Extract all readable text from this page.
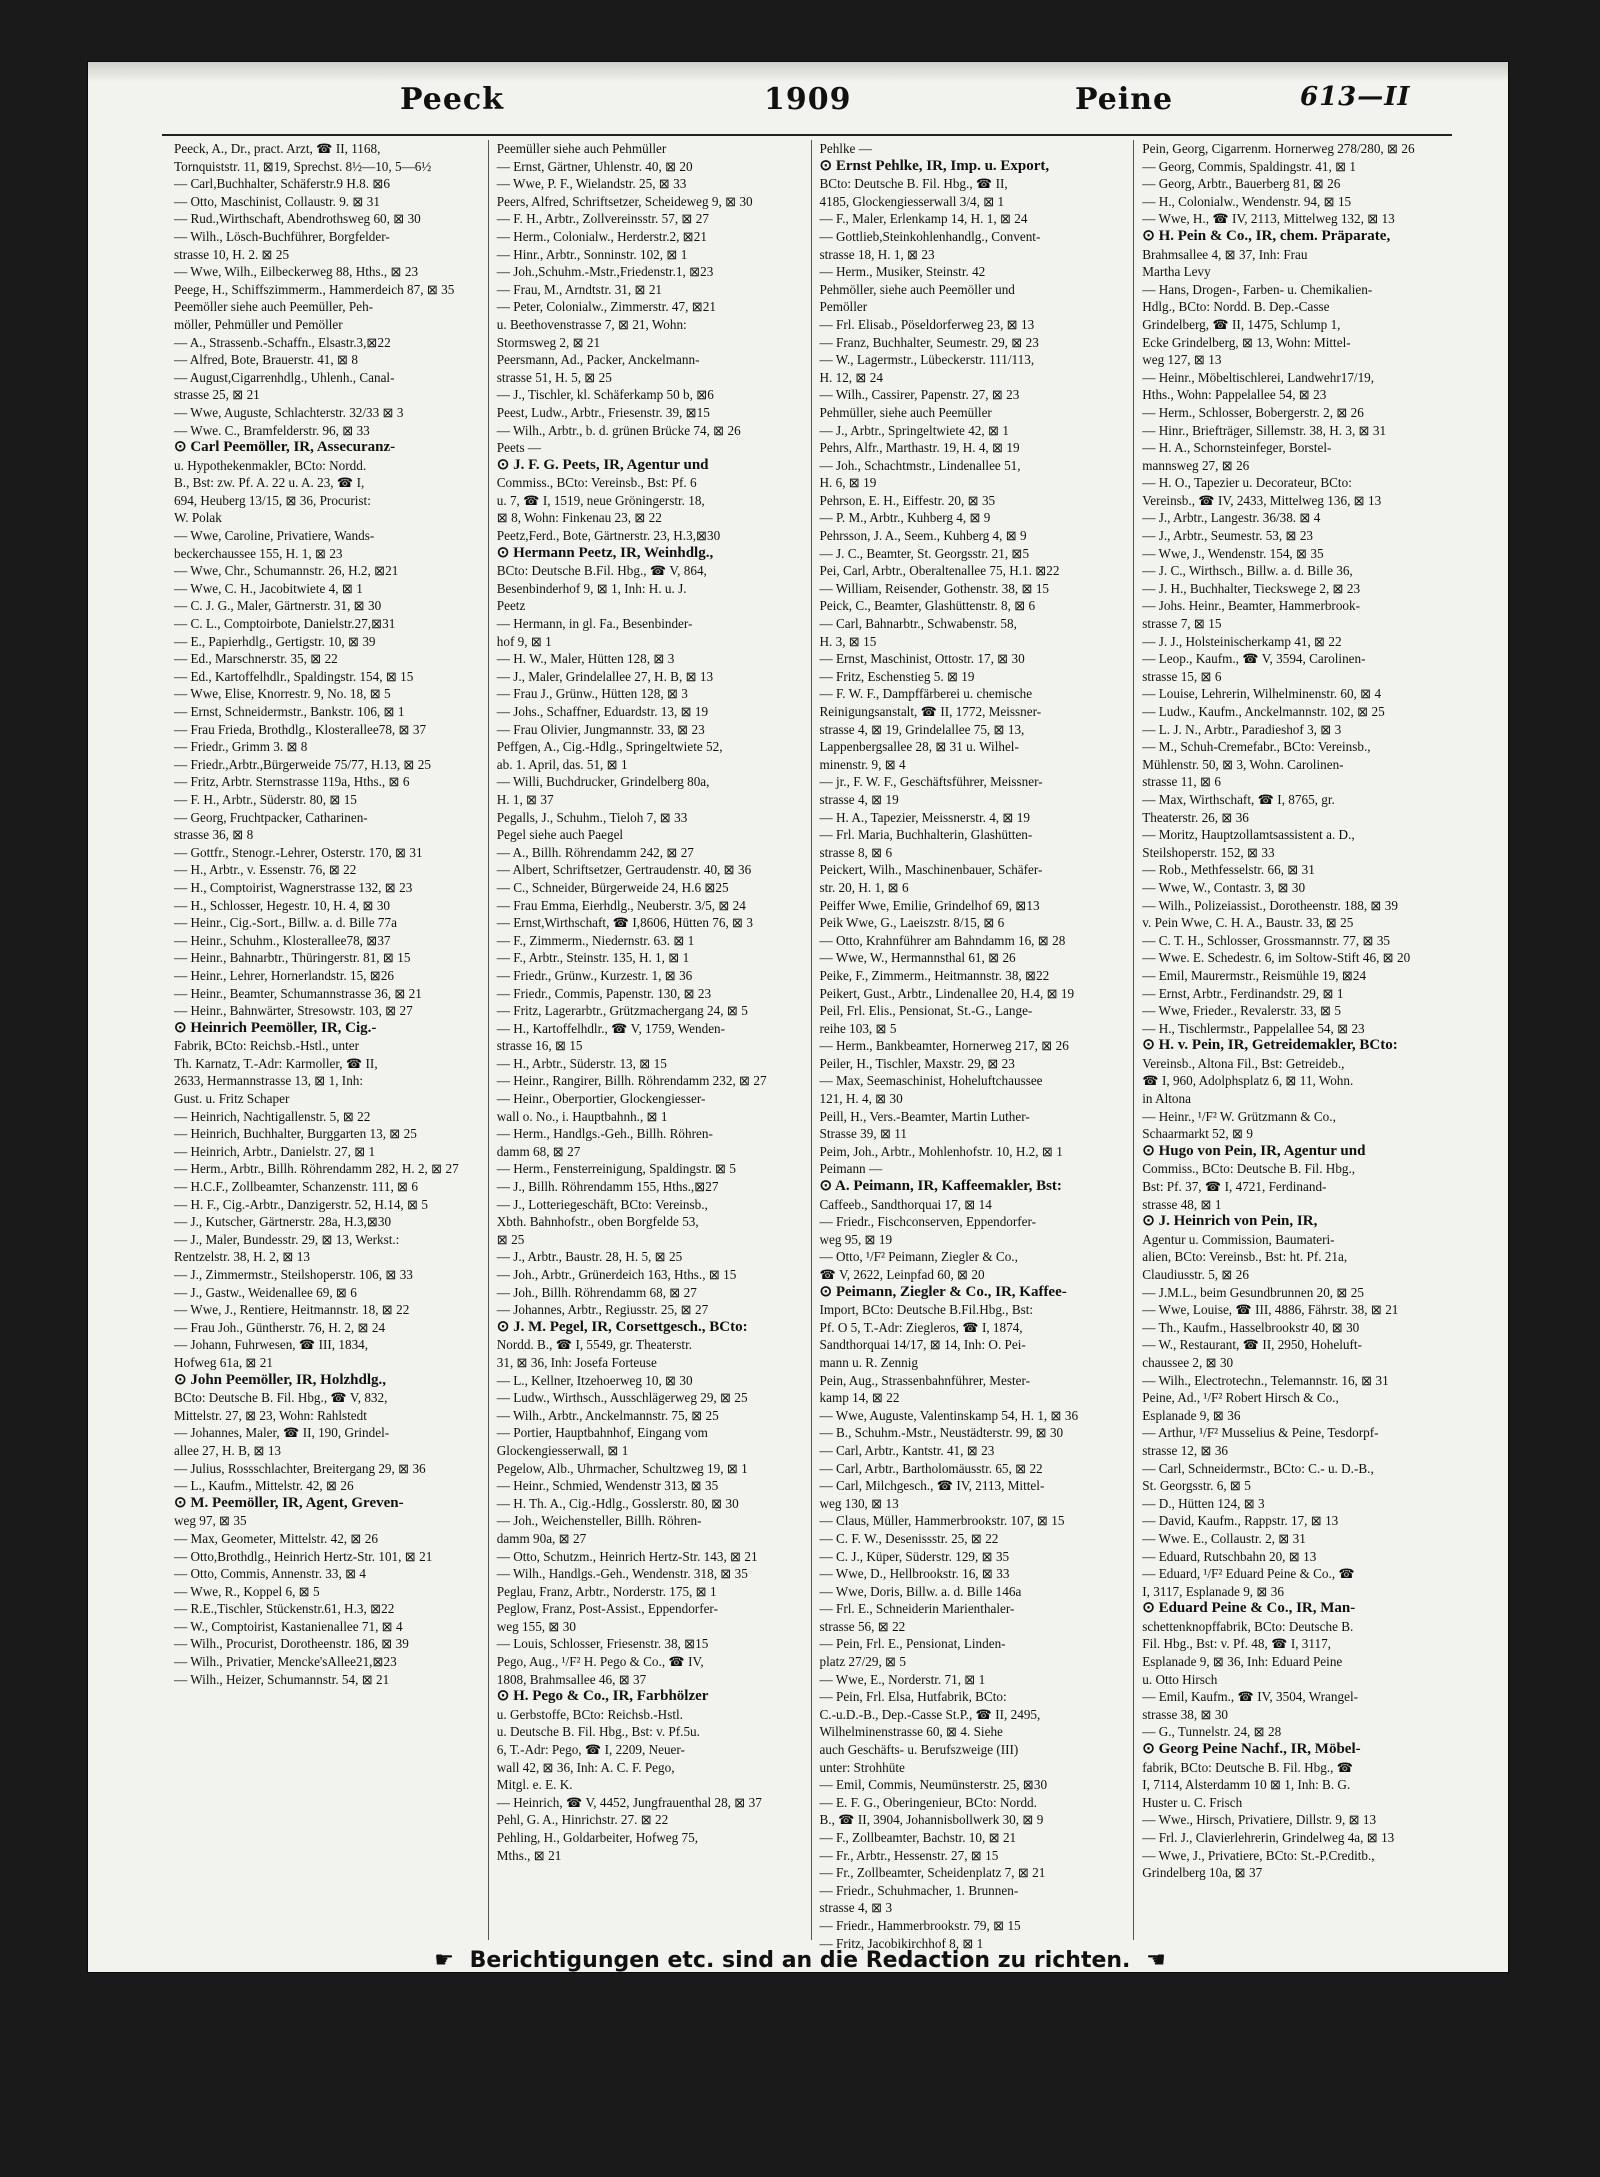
Peeck	1909	Peine	613—II
Peeck, A., Dr., pract. Arzt, ☎ II, 1168,
Tornquiststr. 11, ⊠19, Sprechst. 8½—10, 5—6½
— Carl,Buchhalter, Schäferstr.9 H.8. ⊠6
— Otto, Maschinist, Collaustr. 9. ⊠ 31
— Rud.,Wirthschaft, Abendrothsweg 60, ⊠ 30
— Wilh., Lösch-Buchführer, Borgfelder-
strasse 10, H. 2. ⊠ 25
— Wwe, Wilh., Eilbeckerweg 88, Hths., ⊠ 23
Peege, H., Schiffszimmerm., Hammerdeich 87, ⊠ 35
Peemöller siehe auch Peemüller, Peh-
möller, Pehmüller und Pemöller
— A., Strassenb.-Schaffn., Elsastr.3,⊠22
— Alfred, Bote, Brauerstr. 41, ⊠ 8
— August,Cigarrenhdlg., Uhlenh., Canal-
strasse 25, ⊠ 21
— Wwe, Auguste, Schlachterstr. 32/33 ⊠ 3
— Wwe. C., Bramfelderstr. 96, ⊠ 33
⊙ Carl Peemöller, IR, Assecuranz-
u. Hypothekenmakler, BCto: Nordd.
B., Bst: zw. Pf. A. 22 u. A. 23, ☎ I,
694, Heuberg 13/15, ⊠ 36, Procurist:
W. Polak
— Wwe, Caroline, Privatiere, Wands-
beckerchaussee 155, H. 1, ⊠ 23
— Wwe, Chr., Schumannstr. 26, H.2, ⊠21
— Wwe, C. H., Jacobitwiete 4, ⊠ 1
— C. J. G., Maler, Gärtnerstr. 31, ⊠ 30
— C. L., Comptoirbote, Danielstr.27,⊠31
— E., Papierhdlg., Gertigstr. 10, ⊠ 39
— Ed., Marschnerstr. 35, ⊠ 22
— Ed., Kartoffelhdlr., Spaldingstr. 154, ⊠ 15
— Wwe, Elise, Knorrestr. 9, No. 18, ⊠ 5
— Ernst, Schneidermstr., Bankstr. 106, ⊠ 1
— Frau Frieda, Brothdlg., Klosterallee78, ⊠ 37
— Friedr., Grimm 3. ⊠ 8
— Friedr.,Arbtr.,Bürgerweide 75/77, H.13, ⊠ 25
— Fritz, Arbtr. Sternstrasse 119a, Hths., ⊠ 6
— F. H., Arbtr., Süderstr. 80, ⊠ 15
— Georg, Fruchtpacker, Catharinen-
strasse 36, ⊠ 8
— Gottfr., Stenogr.-Lehrer, Osterstr. 170, ⊠ 31
— H., Arbtr., v. Essenstr. 76, ⊠ 22
— H., Comptoirist, Wagnerstrasse 132, ⊠ 23
— H., Schlosser, Hegestr. 10, H. 4, ⊠ 30
— Heinr., Cig.-Sort., Billw. a. d. Bille 77a
— Heinr., Schuhm., Klosterallee78, ⊠37
— Heinr., Bahnarbtr., Thüringerstr. 81, ⊠ 15
— Heinr., Lehrer, Hornerlandstr. 15, ⊠26
— Heinr., Beamter, Schumannstrasse 36, ⊠ 21
— Heinr., Bahnwärter, Stresowstr. 103, ⊠ 27
⊙ Heinrich Peemöller, IR, Cig.-
Fabrik, BCto: Reichsb.-Hstl., unter
Th. Karnatz, T.-Adr: Karmoller, ☎ II,
2633, Hermannstrasse 13, ⊠ 1, Inh:
Gust. u. Fritz Schaper
— Heinrich, Nachtigallenstr. 5, ⊠ 22
— Heinrich, Buchhalter, Burggarten 13, ⊠ 25
— Heinrich, Arbtr., Danielstr. 27, ⊠ 1
— Herm., Arbtr., Billh. Röhrendamm 282, H. 2, ⊠ 27
— H.C.F., Zollbeamter, Schanzenstr. 111, ⊠ 6
— H. F., Cig.-Arbtr., Danzigerstr. 52, H.14, ⊠ 5
— J., Kutscher, Gärtnerstr. 28a, H.3,⊠30
— J., Maler, Bundesstr. 29, ⊠ 13, Werkst.:
Rentzelstr. 38, H. 2, ⊠ 13
— J., Zimmermstr., Steilshoperstr. 106, ⊠ 33
— J., Gastw., Weidenallee 69, ⊠ 6
— Wwe, J., Rentiere, Heitmannstr. 18, ⊠ 22
— Frau Joh., Güntherstr. 76, H. 2, ⊠ 24
— Johann, Fuhrwesen, ☎ III, 1834,
Hofweg 61a, ⊠ 21
⊙ John Peemöller, IR, Holzhdlg.,
BCto: Deutsche B. Fil. Hbg., ☎ V, 832,
Mittelstr. 27, ⊠ 23, Wohn: Rahlstedt
— Johannes, Maler, ☎ II, 190, Grindel-
allee 27, H. B, ⊠ 13
— Julius, Rossschlachter, Breitergang 29, ⊠ 36
— L., Kaufm., Mittelstr. 42, ⊠ 26
⊙ M. Peemöller, IR, Agent, Greven-
weg 97, ⊠ 35
— Max, Geometer, Mittelstr. 42, ⊠ 26
— Otto,Brothdlg., Heinrich Hertz-Str. 101, ⊠ 21
— Otto, Commis, Annenstr. 33, ⊠ 4
— Wwe, R., Koppel 6, ⊠ 5
— R.E.,Tischler, Stückenstr.61, H.3, ⊠22
— W., Comptoirist, Kastanienallee 71, ⊠ 4
— Wilh., Procurist, Dorotheenstr. 186, ⊠ 39
— Wilh., Privatier, Mencke'sAllee21,⊠23
— Wilh., Heizer, Schumannstr. 54, ⊠ 21
Peemüller siehe auch Pehmüller
— Ernst, Gärtner, Uhlenstr. 40, ⊠ 20
— Wwe, P. F., Wielandstr. 25, ⊠ 33
Peers, Alfred, Schriftsetzer, Scheideweg 9, ⊠ 30
— F. H., Arbtr., Zollvereinsstr. 57, ⊠ 27
— Herm., Colonialw., Herderstr.2, ⊠21
— Hinr., Arbtr., Sonninstr. 102, ⊠ 1
— Joh.,Schuhm.-Mstr.,Friedenstr.1, ⊠23
— Frau, M., Arndtstr. 31, ⊠ 21
— Peter, Colonialw., Zimmerstr. 47, ⊠21
u. Beethovenstrasse 7, ⊠ 21, Wohn:
Stormsweg 2, ⊠ 21
Peersmann, Ad., Packer, Anckelmann-
strasse 51, H. 5, ⊠ 25
— J., Tischler, kl. Schäferkamp 50 b, ⊠6
Peest, Ludw., Arbtr., Friesenstr. 39, ⊠15
— Wilh., Arbtr., b. d. grünen Brücke 74, ⊠ 26
Peets —
⊙ J. F. G. Peets, IR, Agentur und
Commiss., BCto: Vereinsb., Bst: Pf. 6
u. 7, ☎ I, 1519, neue Gröningerstr. 18,
⊠ 8, Wohn: Finkenau 23, ⊠ 22
Peetz,Ferd., Bote, Gärtnerstr. 23, H.3,⊠30
⊙ Hermann Peetz, IR, Weinhdlg.,
BCto: Deutsche B.Fil. Hbg., ☎ V, 864,
Besenbinderhof 9, ⊠ 1, Inh: H. u. J.
Peetz
— Hermann, in gl. Fa., Besenbinder-
hof 9, ⊠ 1
— H. W., Maler, Hütten 128, ⊠ 3
— J., Maler, Grindelallee 27, H. B, ⊠ 13
— Frau J., Grünw., Hütten 128, ⊠ 3
— Johs., Schaffner, Eduardstr. 13, ⊠ 19
— Frau Olivier, Jungmannstr. 33, ⊠ 23
Peffgen, A., Cig.-Hdlg., Springeltwiete 52,
ab. 1. April, das. 51, ⊠ 1
— Willi, Buchdrucker, Grindelberg 80a,
H. 1, ⊠ 37
Pegalls, J., Schuhm., Tieloh 7, ⊠ 33
Pegel siehe auch Paegel
— A., Billh. Röhrendamm 242, ⊠ 27
— Albert, Schriftsetzer, Gertraudenstr. 40, ⊠ 36
— C., Schneider, Bürgerweide 24, H.6 ⊠25
— Frau Emma, Eierhdlg., Neuberstr. 3/5, ⊠ 24
— Ernst,Wirthschaft, ☎ I,8606, Hütten 76, ⊠ 3
— F., Zimmerm., Niedernstr. 63. ⊠ 1
— F., Arbtr., Steinstr. 135, H. 1, ⊠ 1
— Friedr., Grünw., Kurzestr. 1, ⊠ 36
— Friedr., Commis, Papenstr. 130, ⊠ 23
— Fritz, Lagerarbtr., Grützmachergang 24, ⊠ 5
— H., Kartoffelhdlr., ☎ V, 1759, Wenden-
strasse 16, ⊠ 15
— H., Arbtr., Süderstr. 13, ⊠ 15
— Heinr., Rangirer, Billh. Röhrendamm 232, ⊠ 27
— Heinr., Oberportier, Glockengiesser-
wall o. No., i. Hauptbahnh., ⊠ 1
— Herm., Handlgs.-Geh., Billh. Röhren-
damm 68, ⊠ 27
— Herm., Fensterreinigung, Spaldingstr. ⊠ 5
— J., Billh. Röhrendamm 155, Hths.,⊠27
— J., Lotteriegeschäft, BCto: Vereinsb.,
Xbth. Bahnhofstr., oben Borgfelde 53,
⊠ 25
— J., Arbtr., Baustr. 28, H. 5, ⊠ 25
— Joh., Arbtr., Grünerdeich 163, Hths., ⊠ 15
— Joh., Billh. Röhrendamm 68, ⊠ 27
— Johannes, Arbtr., Regiusstr. 25, ⊠ 27
⊙ J. M. Pegel, IR, Corsettgesch., BCto:
Nordd. B., ☎ I, 5549, gr. Theaterstr.
31, ⊠ 36, Inh: Josefa Forteuse
— L., Kellner, Itzehoerweg 10, ⊠ 30
— Ludw., Wirthsch., Ausschlägerweg 29, ⊠ 25
— Wilh., Arbtr., Anckelmannstr. 75, ⊠ 25
— Portier, Hauptbahnhof, Eingang vom
Glockengiesserwall, ⊠ 1
Pegelow, Alb., Uhrmacher, Schultzweg 19, ⊠ 1
— Heinr., Schmied, Wendenstr 313, ⊠ 35
— H. Th. A., Cig.-Hdlg., Gosslerstr. 80, ⊠ 30
— Joh., Weichensteller, Billh. Röhren-
damm 90a, ⊠ 27
— Otto, Schutzm., Heinrich Hertz-Str. 143, ⊠ 21
— Wilh., Handlgs.-Geh., Wendenstr. 318, ⊠ 35
Peglau, Franz, Arbtr., Norderstr. 175, ⊠ 1
Peglow, Franz, Post-Assist., Eppendorfer-
weg 155, ⊠ 30
— Louis, Schlosser, Friesenstr. 38, ⊠15
Pego, Aug., ¹/F² H. Pego & Co., ☎ IV,
1808, Brahmsallee 46, ⊠ 37
⊙ H. Pego & Co., IR, Farbhölzer
u. Gerbstoffe, BCto: Reichsb.-Hstl.
u. Deutsche B. Fil. Hbg., Bst: v. Pf.5u.
6, T.-Adr: Pego, ☎ I, 2209, Neuer-
wall 42, ⊠ 36, Inh: A. C. F. Pego,
Mitgl. e. E. K.
— Heinrich, ☎ V, 4452, Jungfrauenthal 28, ⊠ 37
Pehl, G. A., Hinrichstr. 27. ⊠ 22
Pehling, H., Goldarbeiter, Hofweg 75,
Mths., ⊠ 21
Pehlke —
⊙ Ernst Pehlke, IR, Imp. u. Export,
BCto: Deutsche B. Fil. Hbg., ☎ II,
4185, Glockengiesserwall 3/4, ⊠ 1
— F., Maler, Erlenkamp 14, H. 1, ⊠ 24
— Gottlieb,Steinkohlenhandlg., Convent-
strasse 18, H. 1, ⊠ 23
— Herm., Musiker, Steinstr. 42
Pehmöller, siehe auch Peemöller und
Pemöller
— Frl. Elisab., Pöseldorferweg 23, ⊠ 13
— Franz, Buchhalter, Seumestr. 29, ⊠ 23
— W., Lagermstr., Lübeckerstr. 111/113,
H. 12, ⊠ 24
— Wilh., Cassirer, Papenstr. 27, ⊠ 23
Pehmüller, siehe auch Peemüller
— J., Arbtr., Springeltwiete 42, ⊠ 1
Pehrs, Alfr., Marthastr. 19, H. 4, ⊠ 19
— Joh., Schachtmstr., Lindenallee 51,
H. 6, ⊠ 19
Pehrson, E. H., Eiffestr. 20, ⊠ 35
— P. M., Arbtr., Kuhberg 4, ⊠ 9
Pehrsson, J. A., Seem., Kuhberg 4, ⊠ 9
— J. C., Beamter, St. Georgsstr. 21, ⊠5
Pei, Carl, Arbtr., Oberaltenallee 75, H.1. ⊠22
— William, Reisender, Gothenstr. 38, ⊠ 15
Peick, C., Beamter, Glashüttenstr. 8, ⊠ 6
— Carl, Bahnarbtr., Schwabenstr. 58,
H. 3, ⊠ 15
— Ernst, Maschinist, Ottostr. 17, ⊠ 30
— Fritz, Eschenstieg 5. ⊠ 19
— F. W. F., Dampffärberei u. chemische
Reinigungsanstalt, ☎ II, 1772, Meissner-
strasse 4, ⊠ 19, Grindelallee 75, ⊠ 13,
Lappenbergsallee 28, ⊠ 31 u. Wilhel-
minenstr. 9, ⊠ 4
— jr., F. W. F., Geschäftsführer, Meissner-
strasse 4, ⊠ 19
— H. A., Tapezier, Meissnerstr. 4, ⊠ 19
— Frl. Maria, Buchhalterin, Glashütten-
strasse 8, ⊠ 6
Peickert, Wilh., Maschinenbauer, Schäfer-
str. 20, H. 1, ⊠ 6
Peiffer Wwe, Emilie, Grindelhof 69, ⊠13
Peik Wwe, G., Laeiszstr. 8/15, ⊠ 6
— Otto, Krahnführer am Bahndamm 16, ⊠ 28
— Wwe, W., Hermannsthal 61, ⊠ 26
Peike, F., Zimmerm., Heitmannstr. 38, ⊠22
Peikert, Gust., Arbtr., Lindenallee 20, H.4, ⊠ 19
Peil, Frl. Elis., Pensionat, St.-G., Lange-
reihe 103, ⊠ 5
— Herm., Bankbeamter, Hornerweg 217, ⊠ 26
Peiler, H., Tischler, Maxstr. 29, ⊠ 23
— Max, Seemaschinist, Hoheluftchaussee
121, H. 4, ⊠ 30
Peill, H., Vers.-Beamter, Martin Luther-
Strasse 39, ⊠ 11
Peim, Joh., Arbtr., Mohlenhofstr. 10, H.2, ⊠ 1
Peimann —
⊙ A. Peimann, IR, Kaffeemakler, Bst:
Caffeeb., Sandthorquai 17, ⊠ 14
— Friedr., Fischconserven, Eppendorfer-
weg 95, ⊠ 19
— Otto, ¹/F² Peimann, Ziegler & Co.,
☎ V, 2622, Leinpfad 60, ⊠ 20
⊙ Peimann, Ziegler & Co., IR, Kaffee-
Import, BCto: Deutsche B.Fil.Hbg., Bst:
Pf. O 5, T.-Adr: Ziegleros, ☎ I, 1874,
Sandthorquai 14/17, ⊠ 14, Inh: O. Pei-
mann u. R. Zennig
Pein, Aug., Strassenbahnführer, Mester-
kamp 14, ⊠ 22
— Wwe, Auguste, Valentinskamp 54, H. 1, ⊠ 36
— B., Schuhm.-Mstr., Neustädterstr. 99, ⊠ 30
— Carl, Arbtr., Kantstr. 41, ⊠ 23
— Carl, Arbtr., Bartholomäusstr. 65, ⊠ 22
— Carl, Milchgesch., ☎ IV, 2113, Mittel-
weg 130, ⊠ 13
— Claus, Müller, Hammerbrookstr. 107, ⊠ 15
— C. F. W., Desenissstr. 25, ⊠ 22
— C. J., Küper, Süderstr. 129, ⊠ 35
— Wwe, D., Hellbrookstr. 16, ⊠ 33
— Wwe, Doris, Billw. a. d. Bille 146a
— Frl. E., Schneiderin Marienthaler-
strasse 56, ⊠ 22
— Pein, Frl. E., Pensionat, Linden-
platz 27/29, ⊠ 5
— Wwe, E., Norderstr. 71, ⊠ 1
— Pein, Frl. Elsa, Hutfabrik, BCto:
C.-u.D.-B., Dep.-Casse St.P., ☎ II, 2495,
Wilhelminenstrasse 60, ⊠ 4. Siehe
auch Geschäfts- u. Berufszweige (III)
unter: Strohhüte
— Emil, Commis, Neumünsterstr. 25, ⊠30
— E. F. G., Oberingenieur, BCto: Nordd.
B., ☎ II, 3904, Johannisbollwerk 30, ⊠ 9
— F., Zollbeamter, Bachstr. 10, ⊠ 21
— Fr., Arbtr., Hessenstr. 27, ⊠ 15
— Fr., Zollbeamter, Scheidenplatz 7, ⊠ 21
— Friedr., Schuhmacher, 1. Brunnen-
strasse 4, ⊠ 3
— Friedr., Hammerbrookstr. 79, ⊠ 15
— Fritz, Jacobikirchhof 8, ⊠ 1
Pein, Georg, Cigarrenm. Hornerweg 278/280, ⊠ 26
— Georg, Commis, Spaldingstr. 41, ⊠ 1
— Georg, Arbtr., Bauerberg 81, ⊠ 26
— H., Colonialw., Wendenstr. 94, ⊠ 15
— Wwe, H., ☎ IV, 2113, Mittelweg 132, ⊠ 13
⊙ H. Pein & Co., IR, chem. Präparate,
Brahmsallee 4, ⊠ 37, Inh: Frau
Martha Levy
— Hans, Drogen-, Farben- u. Chemikalien-
Hdlg., BCto: Nordd. B. Dep.-Casse
Grindelberg, ☎ II, 1475, Schlump 1,
Ecke Grindelberg, ⊠ 13, Wohn: Mittel-
weg 127, ⊠ 13
— Heinr., Möbeltischlerei, Landwehr17/19,
Hths., Wohn: Pappelallee 54, ⊠ 23
— Herm., Schlosser, Bobergerstr. 2, ⊠ 26
— Hinr., Briefträger, Sillemstr. 38, H. 3, ⊠ 31
— H. A., Schornsteinfeger, Borstel-
mannsweg 27, ⊠ 26
— H. O., Tapezier u. Decorateur, BCto:
Vereinsb., ☎ IV, 2433, Mittelweg 136, ⊠ 13
— J., Arbtr., Langestr. 36/38. ⊠ 4
— J., Arbtr., Seumestr. 53, ⊠ 23
— Wwe, J., Wendenstr. 154, ⊠ 35
— J. C., Wirthsch., Billw. a. d. Bille 36,
— J. H., Buchhalter, Tieckswege 2, ⊠ 23
— Johs. Heinr., Beamter, Hammerbrook-
strasse 7, ⊠ 15
— J. J., Holsteinischerkamp 41, ⊠ 22
— Leop., Kaufm., ☎ V, 3594, Carolinen-
strasse 15, ⊠ 6
— Louise, Lehrerin, Wilhelminenstr. 60, ⊠ 4
— Ludw., Kaufm., Anckelmannstr. 102, ⊠ 25
— L. J. N., Arbtr., Paradieshof 3, ⊠ 3
— M., Schuh-Cremefabr., BCto: Vereinsb.,
Mühlenstr. 50, ⊠ 3, Wohn. Carolinen-
strasse 11, ⊠ 6
— Max, Wirthschaft, ☎ I, 8765, gr.
Theaterstr. 26, ⊠ 36
— Moritz, Hauptzollamtsassistent a. D.,
Steilshoperstr. 152, ⊠ 33
— Rob., Methfesselstr. 66, ⊠ 31
— Wwe, W., Contastr. 3, ⊠ 30
— Wilh., Polizeiassist., Dorotheenstr. 188, ⊠ 39
v. Pein Wwe, C. H. A., Baustr. 33, ⊠ 25
— C. T. H., Schlosser, Grossmannstr. 77, ⊠ 35
— Wwe. E. Schedestr. 6, im Soltow-Stift 46, ⊠ 20
— Emil, Maurermstr., Reismühle 19, ⊠24
— Ernst, Arbtr., Ferdinandstr. 29, ⊠ 1
— Wwe, Frieder., Revalerstr. 33, ⊠ 5
— H., Tischlermstr., Pappelallee 54, ⊠ 23
⊙ H. v. Pein, IR, Getreidemakler, BCto:
Vereinsb., Altona Fil., Bst: Getreideb.,
☎ I, 960, Adolphsplatz 6, ⊠ 11, Wohn.
in Altona
— Heinr., ¹/F² W. Grützmann & Co.,
Schaarmarkt 52, ⊠ 9
⊙ Hugo von Pein, IR, Agentur und
Commiss., BCto: Deutsche B. Fil. Hbg.,
Bst: Pf. 37, ☎ I, 4721, Ferdinand-
strasse 48, ⊠ 1
⊙ J. Heinrich von Pein, IR,
Agentur u. Commission, Baumateri-
alien, BCto: Vereinsb., Bst: ht. Pf. 21a,
Claudiusstr. 5, ⊠ 26
— J.M.L., beim Gesundbrunnen 20, ⊠ 25
— Wwe, Louise, ☎ III, 4886, Fährstr. 38, ⊠ 21
— Th., Kaufm., Hasselbrookstr 40, ⊠ 30
— W., Restaurant, ☎ II, 2950, Hoheluft-
chaussee 2, ⊠ 30
— Wilh., Electrotechn., Telemannstr. 16, ⊠ 31
Peine, Ad., ¹/F² Robert Hirsch & Co.,
Esplanade 9, ⊠ 36
— Arthur, ¹/F² Musselius & Peine, Tesdorpf-
strasse 12, ⊠ 36
— Carl, Schneidermstr., BCto: C.- u. D.-B.,
St. Georgsstr. 6, ⊠ 5
— D., Hütten 124, ⊠ 3
— David, Kaufm., Rappstr. 17, ⊠ 13
— Wwe. E., Collaustr. 2, ⊠ 31
— Eduard, Rutschbahn 20, ⊠ 13
— Eduard, ¹/F² Eduard Peine & Co., ☎
I, 3117, Esplanade 9, ⊠ 36
⊙ Eduard Peine & Co., IR, Man-
schettenknopffabrik, BCto: Deutsche B.
Fil. Hbg., Bst: v. Pf. 48, ☎ I, 3117,
Esplanade 9, ⊠ 36, Inh: Eduard Peine
u. Otto Hirsch
— Emil, Kaufm., ☎ IV, 3504, Wrangel-
strasse 38, ⊠ 30
— G., Tunnelstr. 24, ⊠ 28
⊙ Georg Peine Nachf., IR, Möbel-
fabrik, BCto: Deutsche B. Fil. Hbg., ☎
I, 7114, Alsterdamm 10 ⊠ 1, Inh: B. G.
Huster u. C. Frisch
— Wwe., Hirsch, Privatiere, Dillstr. 9, ⊠ 13
— Frl. J., Clavierlehrerin, Grindelweg 4a, ⊠ 13
— Wwe, J., Privatiere, BCto: St.-P.Creditb.,
Grindelberg 10a, ⊠ 37
☛ Berichtigungen etc. sind an die Redaction zu richten. ☚
